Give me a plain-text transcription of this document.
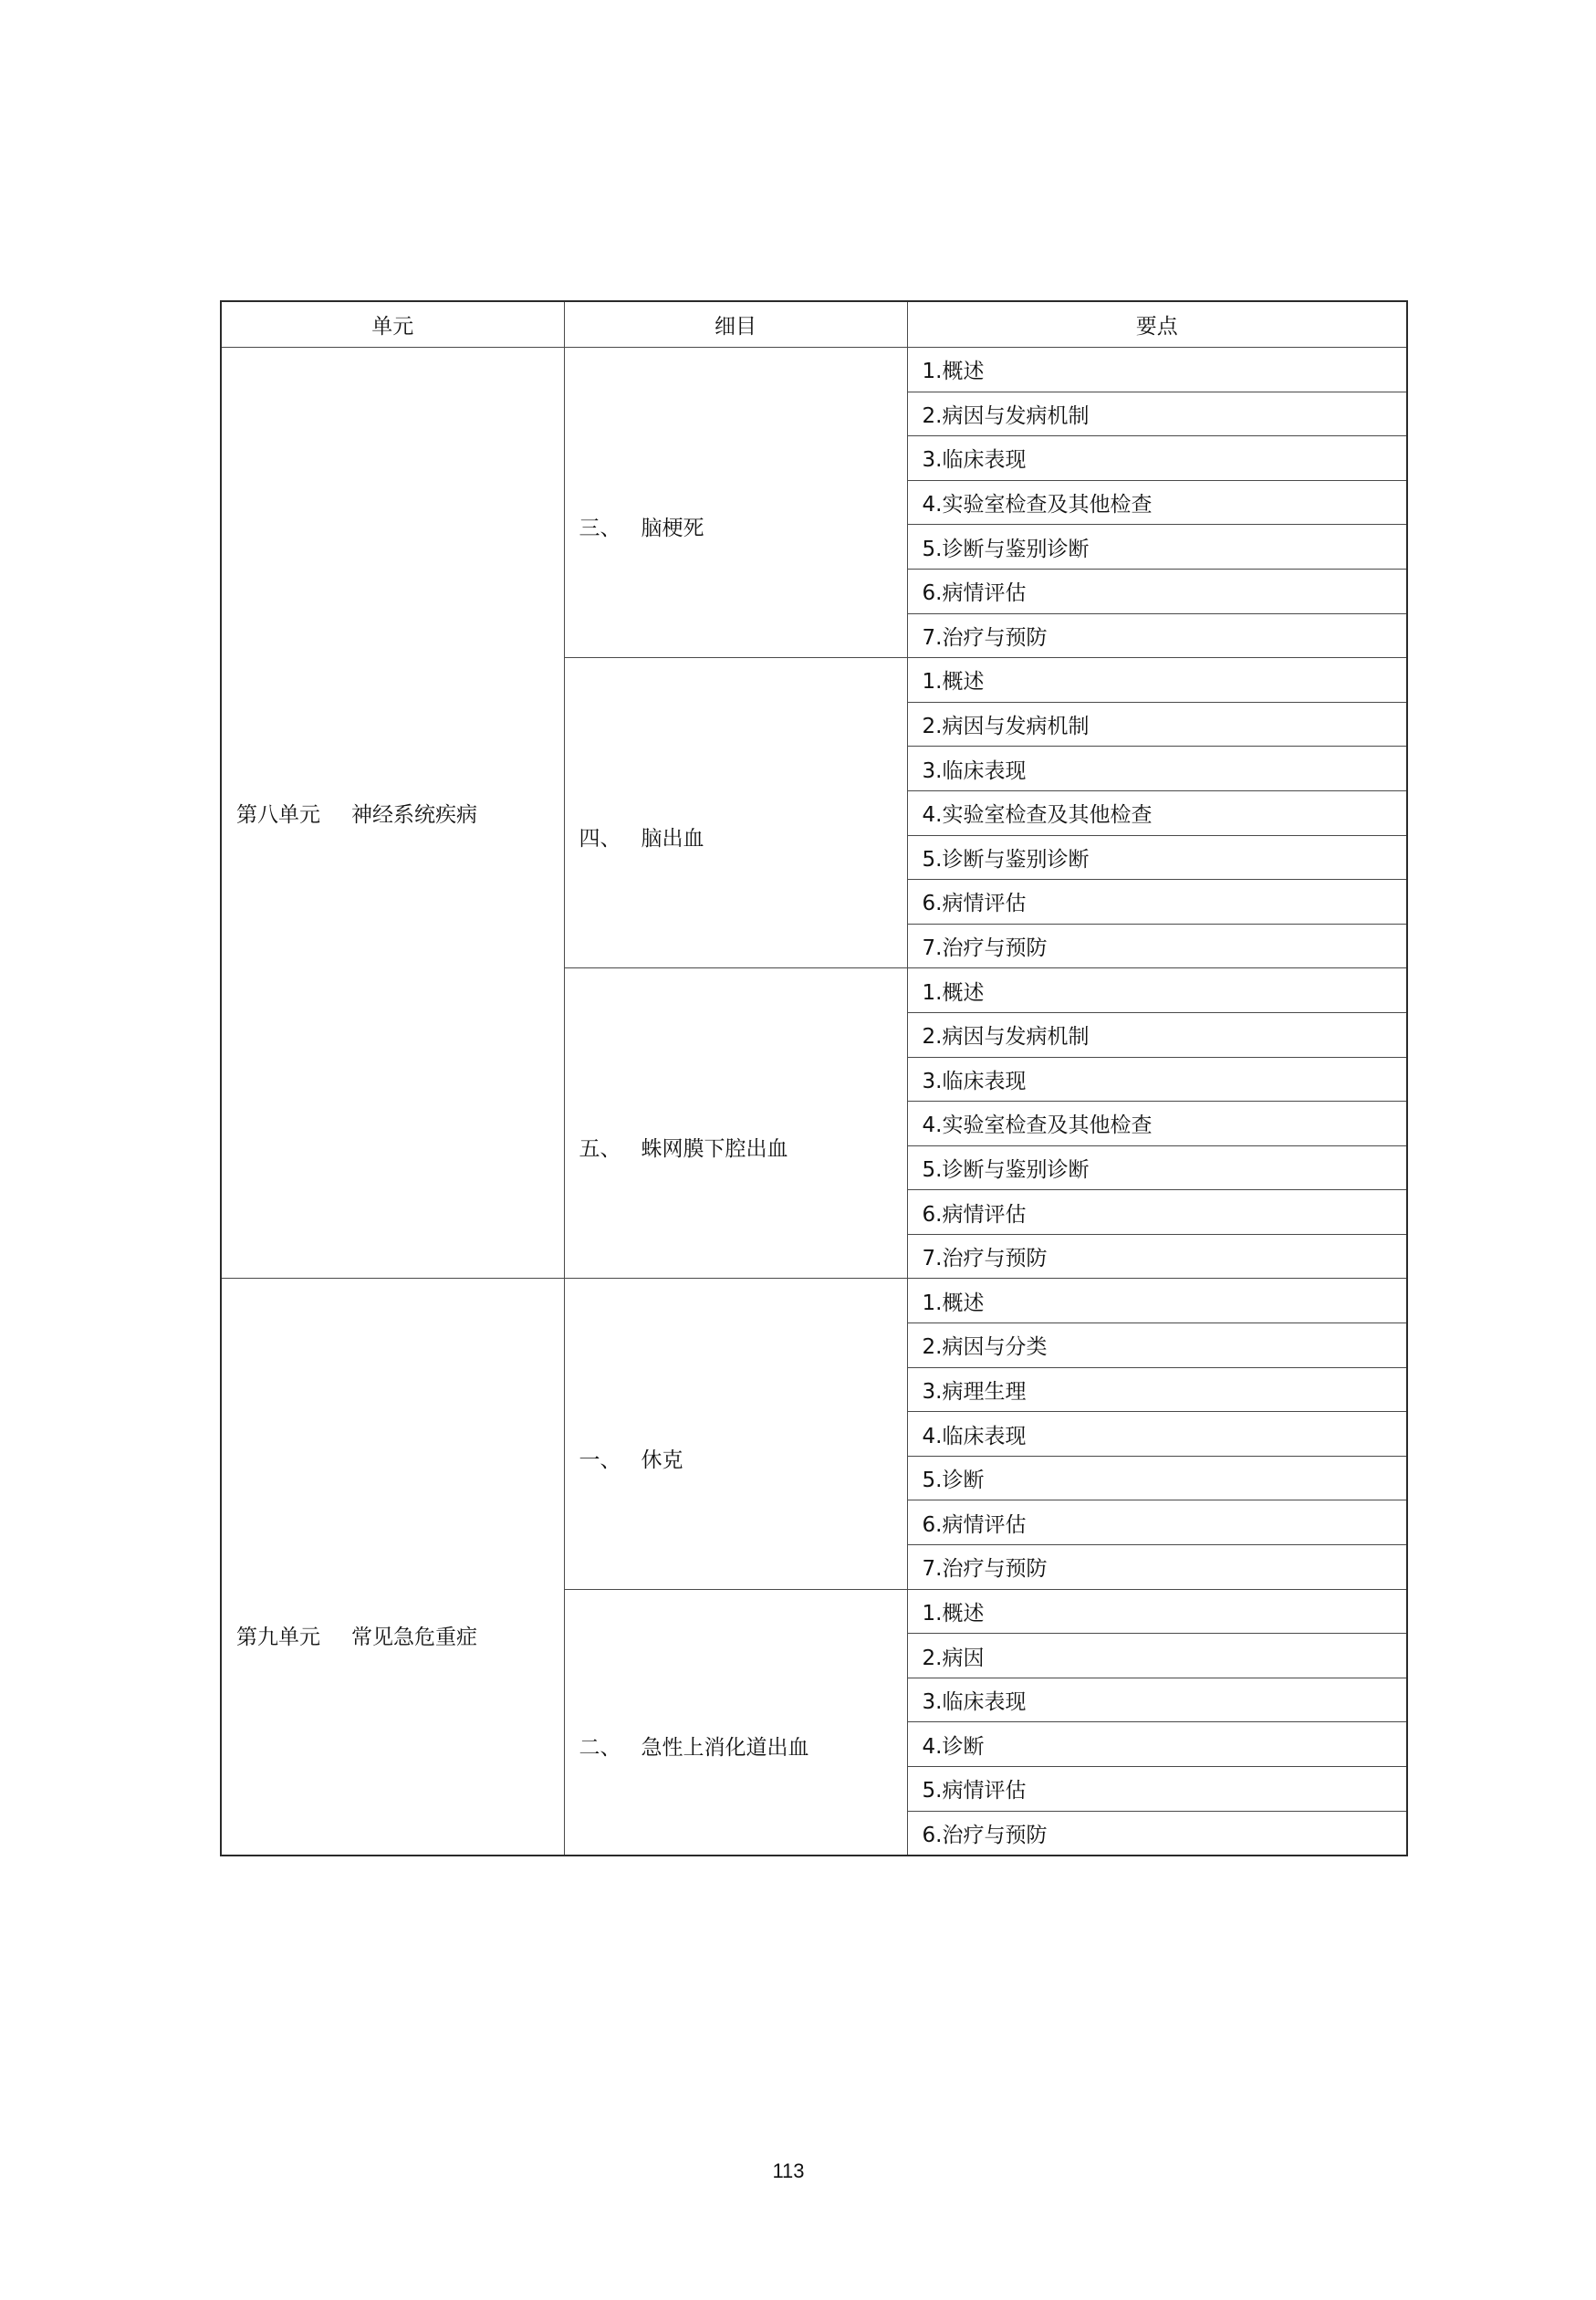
单元	细目	要点
第八单元 神经系统疾病	三、 脑梗死	1.概述
		2.病因与发病机制
		3.临床表现
		4.实验室检查及其他检查
		5.诊断与鉴别诊断
		6.病情评估
		7.治疗与预防
	四、 脑出血	1.概述
		2.病因与发病机制
		3.临床表现
		4.实验室检查及其他检查
		5.诊断与鉴别诊断
		6.病情评估
		7.治疗与预防
	五、 蛛网膜下腔出血	1.概述
		2.病因与发病机制
		3.临床表现
		4.实验室检查及其他检查
		5.诊断与鉴别诊断
		6.病情评估
		7.治疗与预防
第九单元 常见急危重症	一、 休克	1.概述
		2.病因与分类
		3.病理生理
		4.临床表现
		5.诊断
		6.病情评估
		7.治疗与预防
	二、 急性上消化道出血	1.概述
		2.病因
		3.临床表现
		4.诊断
		5.病情评估
		6.治疗与预防
113
